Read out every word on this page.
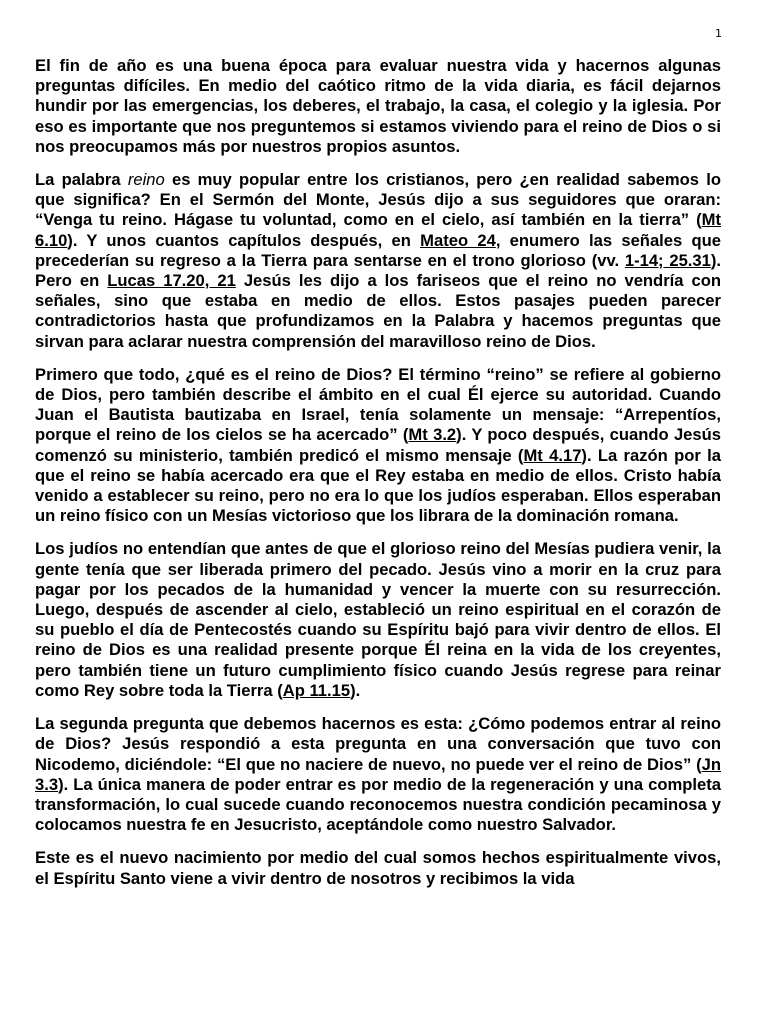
1

El fin de año es una buena época para evaluar nuestra vida y hacernos algunas preguntas difíciles. En medio del caótico ritmo de la vida diaria, es fácil dejarnos hundir por las emergencias, los deberes, el trabajo, la casa, el colegio y la iglesia. Por eso es importante que nos preguntemos si estamos viviendo para el reino de Dios o si nos preocupamos más por nuestros propios asuntos.

La palabra reino es muy popular entre los cristianos, pero ¿en realidad sabemos lo que significa? En el Sermón del Monte, Jesús dijo a sus seguidores que oraran: “Venga tu reino. Hágase tu voluntad, como en el cielo, así también en la tierra” (Mt 6.10). Y unos cuantos capítulos después, en Mateo 24, enumero las señales que precederían su regreso a la Tierra para sentarse en el trono glorioso (vv. 1-14; 25.31). Pero en Lucas 17.20, 21 Jesús les dijo a los fariseos que el reino no vendría con señales, sino que estaba en medio de ellos. Estos pasajes pueden parecer contradictorios hasta que profundizamos en la Palabra y hacemos preguntas que sirvan para aclarar nuestra comprensión del maravilloso reino de Dios.

Primero que todo, ¿qué es el reino de Dios? El término “reino” se refiere al gobierno de Dios, pero también describe el ámbito en el cual Él ejerce su autoridad. Cuando Juan el Bautista bautizaba en Israel, tenía solamente un mensaje: “Arrepentíos, porque el reino de los cielos se ha acercado” (Mt 3.2). Y poco después, cuando Jesús comenzó su ministerio, también predicó el mismo mensaje (Mt 4.17). La razón por la que el reino se había acercado era que el Rey estaba en medio de ellos. Cristo había venido a establecer su reino, pero no era lo que los judíos esperaban. Ellos esperaban un reino físico con un Mesías victorioso que los librara de la dominación romana.

Los judíos no entendían que antes de que el glorioso reino del Mesías pudiera venir, la gente tenía que ser liberada primero del pecado. Jesús vino a morir en la cruz para pagar por los pecados de la humanidad y vencer la muerte con su resurrección. Luego, después de ascender al cielo, estableció un reino espiritual en el corazón de su pueblo el día de Pentecostés cuando su Espíritu bajó para vivir dentro de ellos. El reino de Dios es una realidad presente porque Él reina en la vida de los creyentes, pero también tiene un futuro cumplimiento físico cuando Jesús regrese para reinar como Rey sobre toda la Tierra (Ap 11.15).

La segunda pregunta que debemos hacernos es esta: ¿Cómo podemos entrar al reino de Dios? Jesús respondió a esta pregunta en una conversación que tuvo con Nicodemo, diciéndole: “El que no naciere de nuevo, no puede ver el reino de Dios” (Jn 3.3). La única manera de poder entrar es por medio de la regeneración y una completa transformación, lo cual sucede cuando reconocemos nuestra condición pecaminosa y colocamos nuestra fe en Jesucristo, aceptándole como nuestro Salvador.

Este es el nuevo nacimiento por medio del cual somos hechos espiritualmente vivos, el Espíritu Santo viene a vivir dentro de nosotros y recibimos la vida
